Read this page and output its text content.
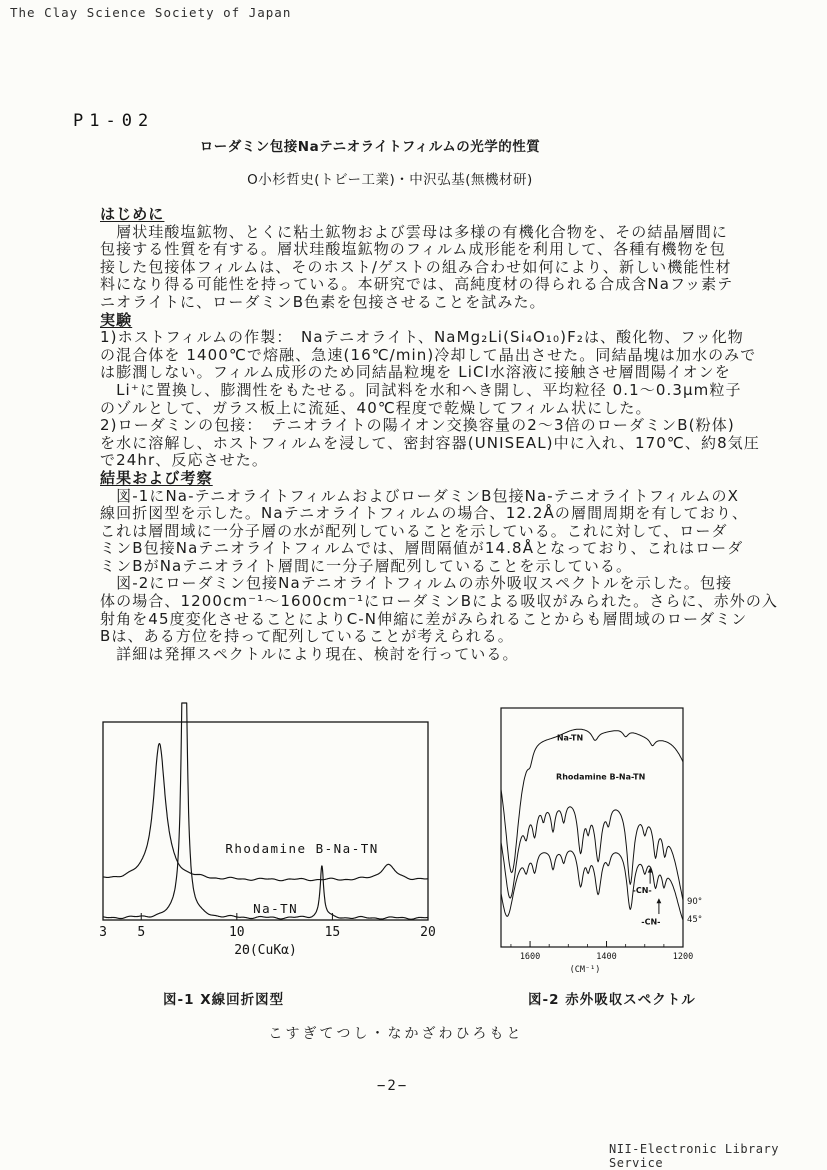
The Clay Science Society of Japan
P1-02
ローダミン包接Naテニオライトフィルムの光学的性質
O小杉哲史(トビー工業)・中沢弘基(無機材研)
はじめに
　層状珪酸塩鉱物、とくに粘土鉱物および雲母は多様の有機化合物を、その結晶層間に
包接する性質を有する。層状珪酸塩鉱物のフィルム成形能を利用して、各種有機物を包
接した包接体フィルムは、そのホスト/ゲストの組み合わせ如何により、新しい機能性材
料になり得る可能性を持っている。本研究では、高純度材の得られる合成含Naフッ素テ
ニオライトに、ローダミンB色素を包接させることを試みた。
実験
1)ホストフィルムの作製：　Naテニオライト、NaMg₂Li(Si₄O₁₀)F₂は、酸化物、フッ化物
の混合体を 1400℃で熔融、急速(16℃/min)冷却して晶出させた。同結晶塊は加水のみで
は膨潤しない。フィルム成形のため同結晶粒塊を LiCl水溶液に接触させ層間陽イオンを
　Li⁺に置換し、膨潤性をもたせる。同試料を水和へき開し、平均粒径 0.1〜0.3μm粒子
のゾルとして、ガラス板上に流延、40℃程度で乾燥してフィルム状にした。
2)ローダミンの包接：　テニオライトの陽イオン交換容量の2〜3倍のローダミンB(粉体)
を水に溶解し、ホストフィルムを浸して、密封容器(UNISEAL)中に入れ、170℃、約8気圧
で24hr、反応させた。
結果および考察
　図-1にNa-テニオライトフィルムおよびローダミンB包接Na-テニオライトフィルムのX
線回折図型を示した。Naテニオライトフィルムの場合、12.2Åの層間周期を有しており、
これは層間域に一分子層の水が配列していることを示している。これに対して、ローダ
ミンB包接Naテニオライトフィルムでは、層間隔値が14.8Åとなっており、これはローダ
ミンBがNaテニオライト層間に一分子層配列していることを示している。
　図-2にローダミン包接Naテニオライトフィルムの赤外吸収スペクトルを示した。包接
体の場合、1200cm⁻¹〜1600cm⁻¹にローダミンBによる吸収がみられた。さらに、赤外の入
射角を45度変化させることによりC-N伸縮に差がみられることからも層間域のローダミン
Bは、ある方位を持って配列していることが考えられる。
　詳細は発揮スペクトルにより現在、検討を行っている。
Rhodamine B-Na-TN
Na-TN
3 5	10	15	20
2Θ(CuKα)	1600	1400	1200
(CM⁻¹)
Na-TN
Rhodamine B-Na-TN
90°
45°
-CN-
-CN-
図-1 X線回折図型	図-2 赤外吸収スペクトル
こすぎてつし・なかざわひろもと
−2−
NII-Electronic Library Service
